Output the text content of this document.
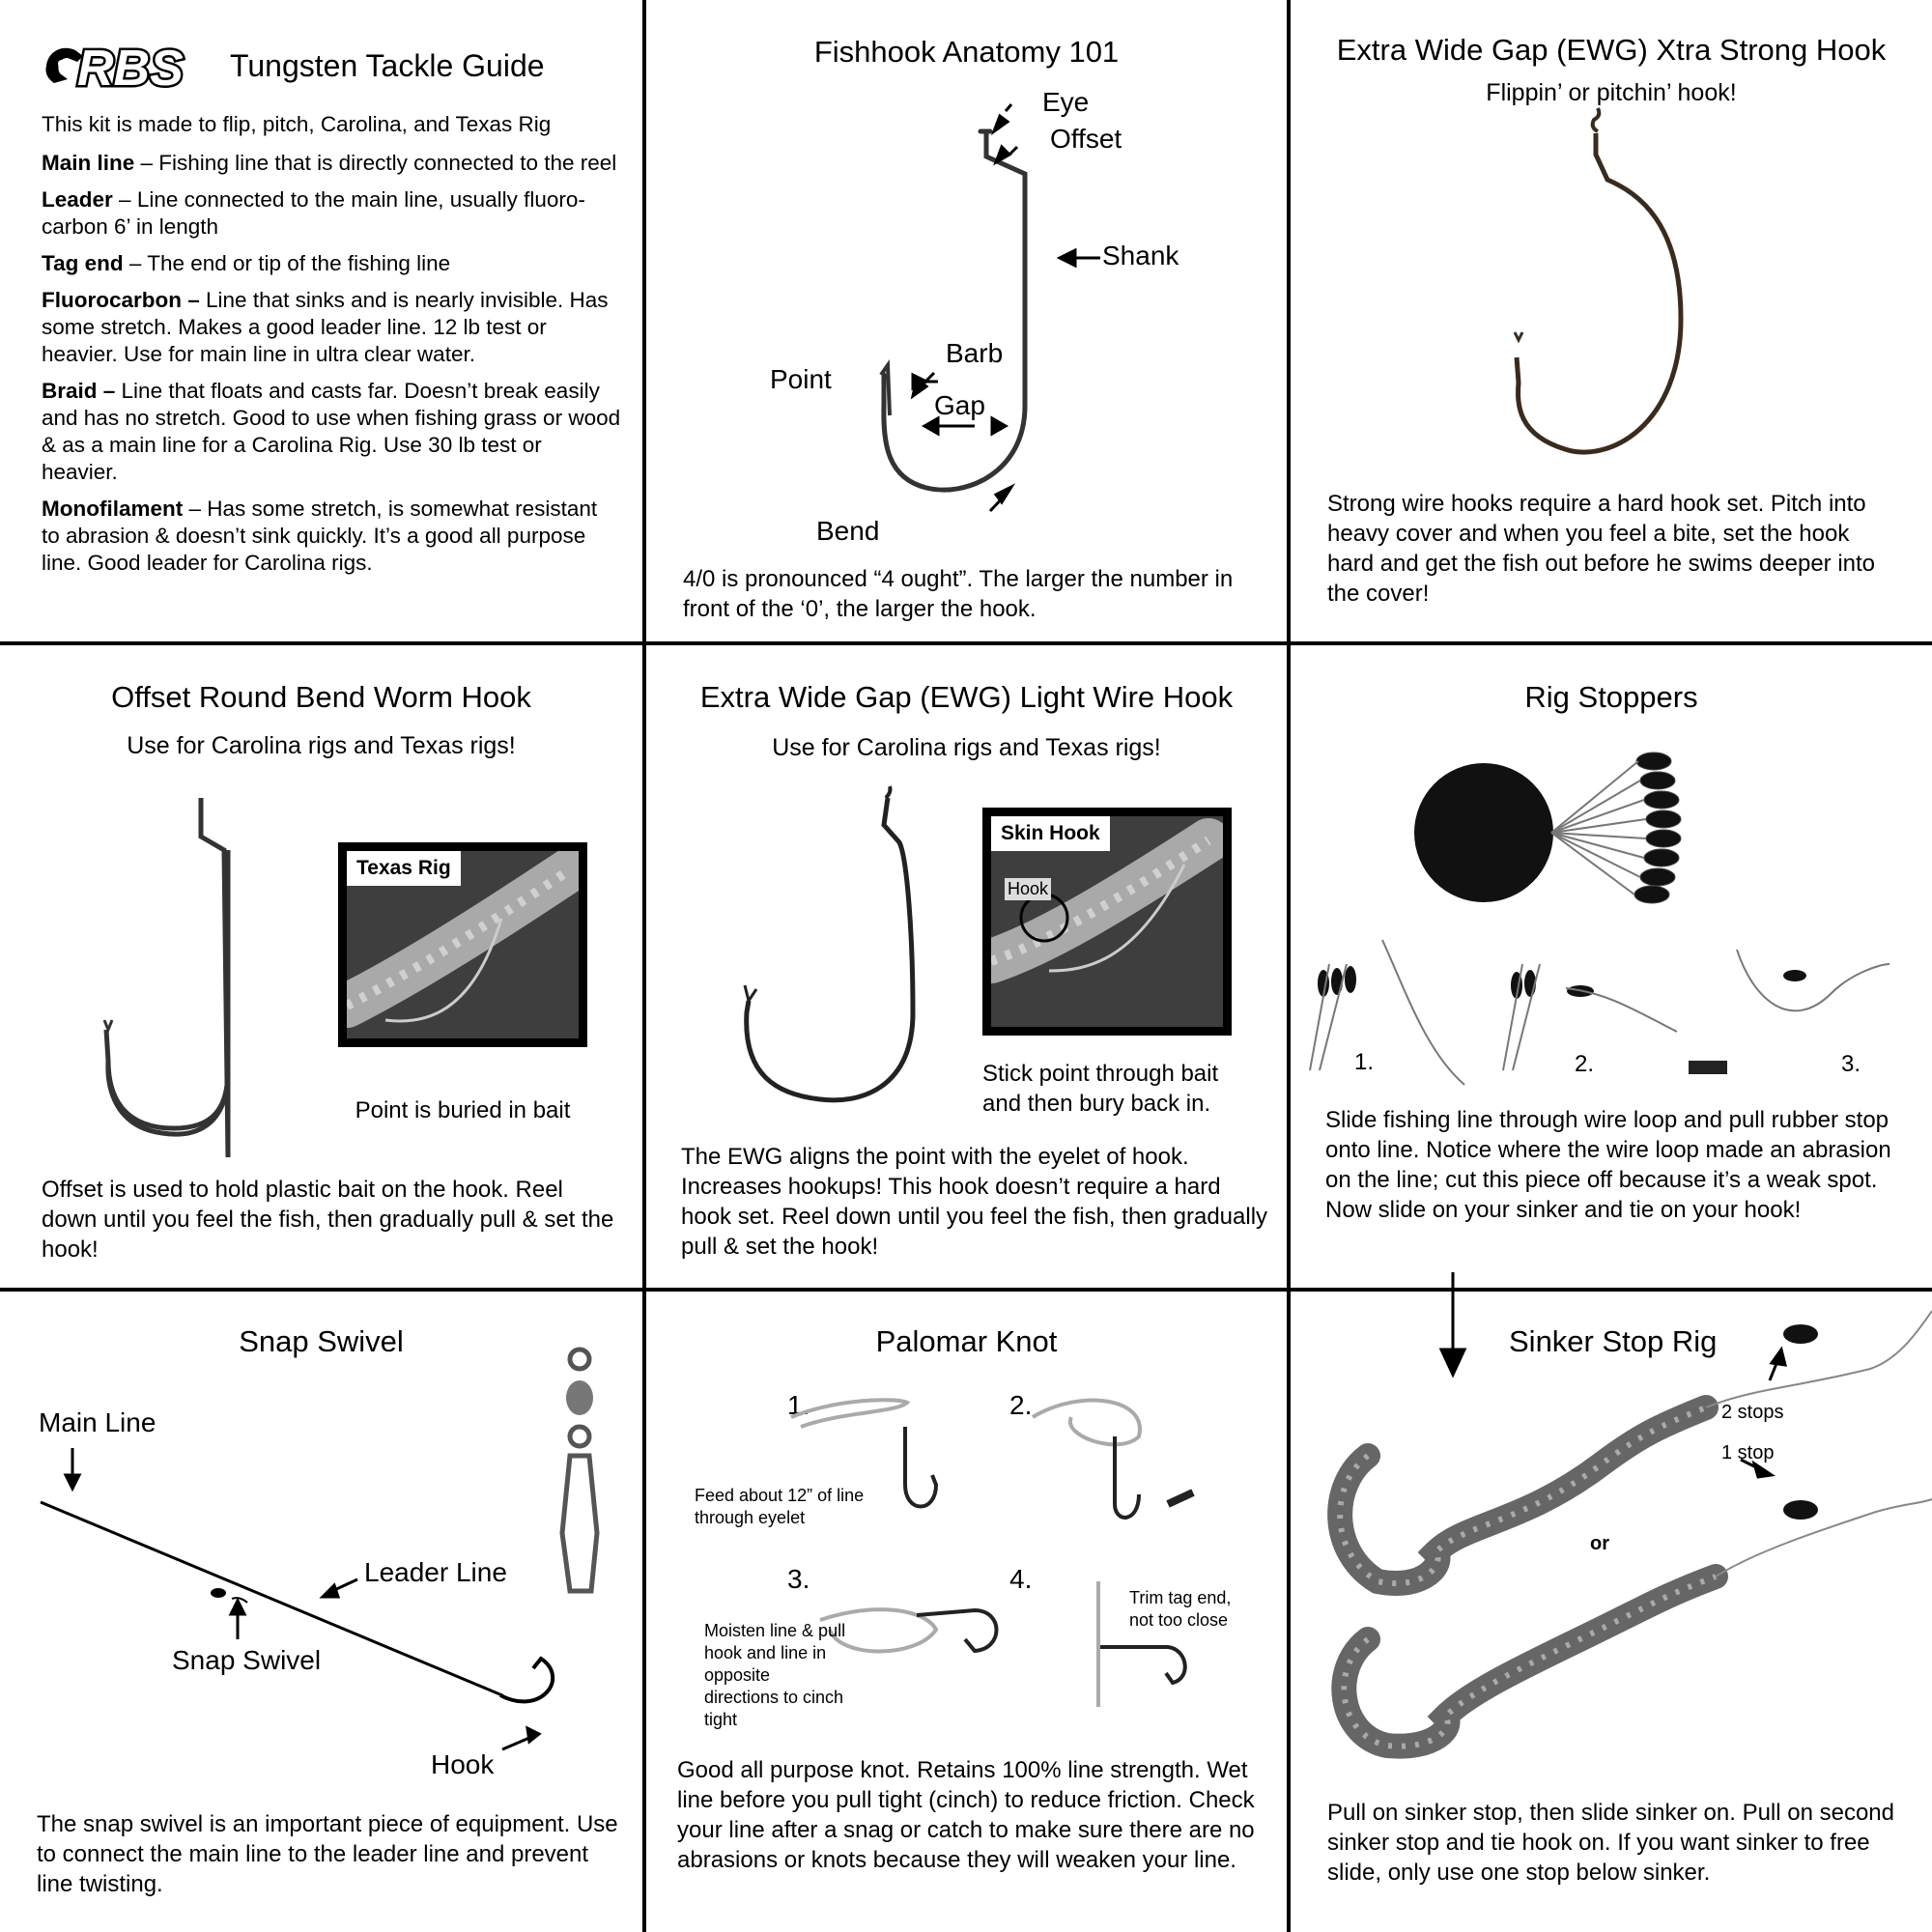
RBS Tungsten Tackle Guide
This kit is made to flip, pitch, Carolina, and Texas Rig

Main line – Fishing line that is directly connected to the reel

Leader – Line connected to the main line, usually fluoro-carbon 6’ in length

Tag end – The end or tip of the fishing line

Fluorocarbon – Line that sinks and is nearly invisible. Has some stretch. Makes a good leader line. 12 lb test or heavier. Use for main line in ultra clear water.

Braid – Line that floats and casts far. Doesn’t break easily and has no stretch. Good to use when fishing grass or wood & as a main line for a Carolina Rig. Use 30 lb test or heavier.

Monofilament – Has some stretch, is somewhat resistant to abrasion & doesn’t sink quickly. It’s a good all purpose line. Good leader for Carolina rigs.

Fishhook Anatomy 101
Eye
Offset
Shank
Barb
Point
Gap
Bend
4/0 is pronounced “4 ought”. The larger the number in front of the ‘0’, the larger the hook.
Extra Wide Gap (EWG) Xtra Strong Hook
Flippin’ or pitchin’ hook!
Strong wire hooks require a hard hook set. Pitch into heavy cover and when you feel a bite, set the hook hard and get the fish out before he swims deeper into the cover!
Offset Round Bend Worm Hook
Use for Carolina rigs and Texas rigs!
Texas Rig
Point is buried in bait
Offset is used to hold plastic bait on the hook. Reel down until you feel the fish, then gradually pull & set the hook!
Extra Wide Gap (EWG) Light Wire Hook
Use for Carolina rigs and Texas rigs!
Skin Hook
Hook
Stick point through bait and then bury back in.
The EWG aligns the point with the eyelet of hook. Increases hookups! This hook doesn’t require a hard hook set. Reel down until you feel the fish, then gradually pull & set the hook!
Rig Stoppers
1.	2.	3.
Slide fishing line through wire loop and pull rubber stop onto line. Notice where the wire loop made an abrasion on the line; cut this piece off because it’s a weak spot. Now slide on your sinker and tie on your hook!
Snap Swivel
Main Line
Leader Line
Snap Swivel
Hook
The snap swivel is an important piece of equipment. Use to connect the main line to the leader line and prevent line twisting.
Palomar Knot
1.	2.
3.	4.
Feed about 12” of line through eyelet
Moisten line & pull hook and line in opposite directions to cinch tight
Trim tag end, not too close
Good all purpose knot. Retains 100% line strength. Wet line before you pull tight (cinch) to reduce friction. Check your line after a snag or catch to make sure there are no abrasions or knots because they will weaken your line.
Sinker Stop Rig
2 stops
1 stop
or
Pull on sinker stop, then slide sinker on. Pull on second sinker stop and tie hook on. If you want sinker to free slide, only use one stop below sinker.
